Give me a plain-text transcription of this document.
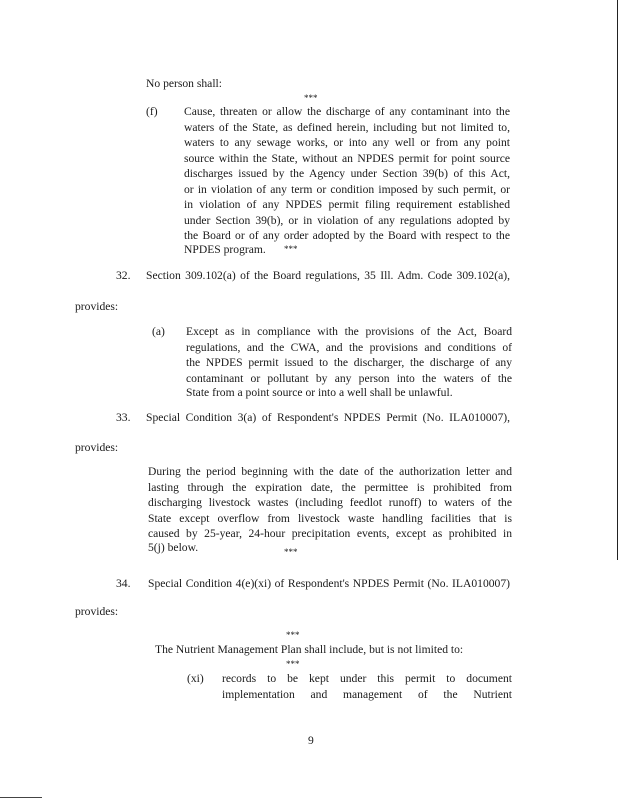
No person shall:
***
(f) Cause, threaten or allow the discharge of any contaminant into the
waters of the State, as defined herein, including but not limited to,
waters to any sewage works, or into any well or from any point
source within the State, without an NPDES permit for point source
discharges issued by the Agency under Section 39(b) of this Act,
or in violation of any term or condition imposed by such permit, or
in violation of any NPDES permit filing requirement established
under Section 39(b), or in violation of any regulations adopted by
the Board or of any order adopted by the Board with respect to the
NPDES program. ***
32. Section 309.102(a) of the Board regulations, 35 Ill. Adm. Code 309.102(a),
provides:
(a) Except as in compliance with the provisions of the Act, Board
regulations, and the CWA, and the provisions and conditions of
the NPDES permit issued to the discharger, the discharge of any
contaminant or pollutant by any person into the waters of the
State from a point source or into a well shall be unlawful.
33. Special Condition 3(a) of Respondent's NPDES Permit (No. ILA010007),
provides:
During the period beginning with the date of the authorization letter and
lasting through the expiration date, the permittee is prohibited from
discharging livestock wastes (including feedlot runoff) to waters of the
State except overflow from livestock waste handling facilities that is
caused by 25-year, 24-hour precipitation events, except as prohibited in
5(j) below.	***
34. Special Condition 4(e)(xi) of Respondent's NPDES Permit (No. ILA010007)
provides:
***
The Nutrient Management Plan shall include, but is not limited to:
***
(xi) records to be kept under this permit to document
implementation and management of the Nutrient
9
